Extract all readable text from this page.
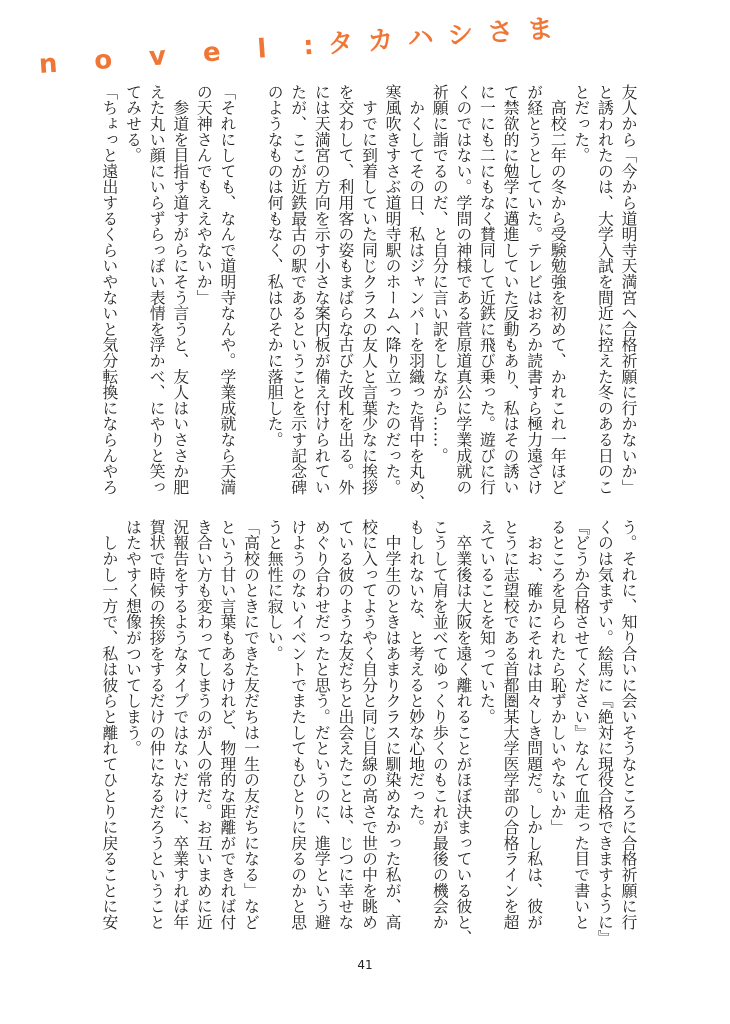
n o v e l :タカハシさま
友人から「今から道明寺天満宮へ合格祈願に行かないか」
と誘われたのは、大学入試を間近に控えた冬のある日のこ
とだった。
　高校二年の冬から受験勉強を初めて、かれこれ一年ほど
が経とうとしていた。テレビはおろか読書すら極力遠ざけ
て禁欲的に勉学に邁進していた反動もあり、私はその誘い
に一にも二にもなく賛同して近鉄に飛び乗った。遊びに行
くのではない。学問の神様である菅原道真公に学業成就の
祈願に詣でるのだ、と自分に言い訳をしながら……。
　かくしてその日、私はジャンパーを羽織った背中を丸め、
寒風吹きすさぶ道明寺駅のホームへ降り立ったのだった。
　すでに到着していた同じクラスの友人と言葉少なに挨拶
を交わして、利用客の姿もまばらな古びた改札を出る。外
には天満宮の方向を示す小さな案内板が備え付けられてい
たが、ここが近鉄最古の駅であるということを示す記念碑
のようなものは何もなく、私はひそかに落胆した。
「それにしても、なんで道明寺なんや。学業成就なら天満
の天神さんでもええやないか」
　参道を目指す道すがらにそう言うと、友人はいささか肥
えた丸い顔にいらずらっぽい表情を浮かべ、にやりと笑っ
てみせる。
「ちょっと遠出するくらいやないと気分転換にならんやろ
う。それに、知り合いに会いそうなところに合格祈願に行
くのは気まずい。絵馬に『絶対に現役合格できますように』
『どうか合格させてください』なんて血走った目で書いと
るところを見られたら恥ずかしいやないか」
　おお、確かにそれは由々しき問題だ。しかし私は、彼が
とうに志望校である首都圏某大学医学部の合格ラインを超
えていることを知っていた。
　卒業後は大阪を遠く離れることがほぼ決まっている彼と、
こうして肩を並べてゆっくり歩くのもこれが最後の機会か
もしれないな、と考えると妙な心地だった。
　中学生のときはあまりクラスに馴染めなかった私が、高
校に入ってようやく自分と同じ目線の高さで世の中を眺め
ている彼のような友だちと出会えたことは、じつに幸せな
めぐり合わせだったと思う。だというのに、進学という避
けようのないイベントでまたしてもひとりに戻るのかと思
うと無性に寂しい。
「高校のときにできた友だちは一生の友だちになる」など
という甘い言葉もあるけれど、物理的な距離ができれば付
き合い方も変わってしまうのが人の常だ。お互いまめに近
況報告をするようなタイプではないだけに、卒業すれば年
賀状で時候の挨拶をするだけの仲になるだろうということ
はたやすく想像がついてしまう。
　しかし一方で、私は彼らと離れてひとりに戻ることに安
41
